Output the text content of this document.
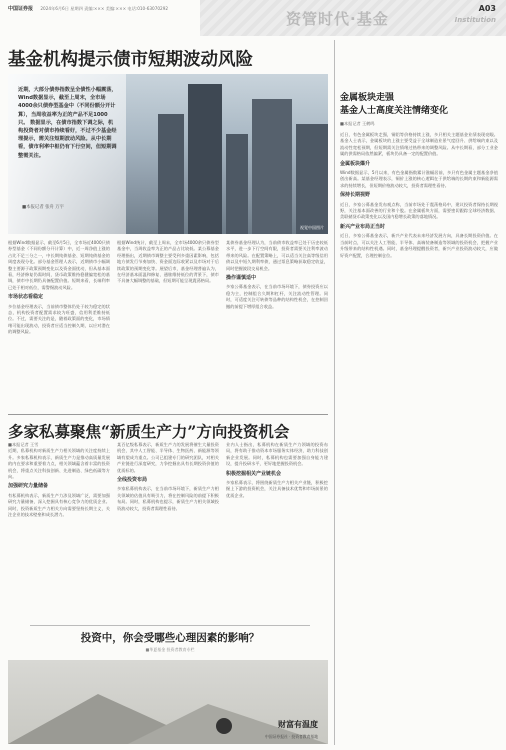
中国证券报 2024年6月6日 星期四 责编:××× 美编:××× 电话:010-63070292
资管时代·基金
A03
Institution
基金机构提示债市短期波动风险
近期，大部分债券指数呈全债性小幅震荡，Wind数据显示，截至上周末，全市场4000余只债券型基金中（不同份额分开计算），当周收益率为正的产品不足1000只。 数据显示，在债市指数下调之际，机构投资者对债市持续看好，不过不少基金经理提示，需关注短期波动风险。从中长期看，债市利率中枢仍有下行空间，但短期调整需关注。
■本报记者 张舟 万宇
视觉中国图片

根据Wind数据显示，截至6月5日，全市场近4000只债券型基金（不同份额分开计算）中，近一周净值上涨的占比不足三分之一，中长期纯债基金、短期纯债基金的周度表现分化。部分基金管理人表示，近期债市小幅调整主要源于政策预期变化以及资金面扰动，但从基本面看，经济修复仍需时间，货币政策维持稳健偏宽松的基调，债市中长期仍具备配置价值。短期来看，长端利率已处于相对低位，需警惕波动风险。

市场状态看稳定

多位基金经理表示，当前债市整体仍处于较为稳定的状态，机构投资者配置需求较为旺盛，信用利差维持低位。不过，需要关注的是，随着政策面的变化，市场情绪可能出现波动，投资者应适当控制久期，以应对潜在的调整风险。

根据Wind统计，截至上周末，全市场4000余只债券型基金中，当周收益率为正的产品占比较低。某公募基金经理指出，近期债市调整主要受到多重因素影响，包括地方债发行节奏加快、资金面边际收紧以及市场对于后续政策的预期变化等。展望后市，基金经理普遍认为，在经济基本面温和修复、通胀维持低位的背景下，债市不具备大幅调整的基础，但短期可能呈现震荡格局。

某债券基金经理认为，当前债市收益率已处于历史较低水平，进一步下行空间有限，投资者需要关注利率波动带来的风险。在配置策略上，可以适当关注高等级信用债以及中短久期利率债，通过票息策略获取稳定收益，同时把握波段交易机会。

操作谨慎适中

多家公募基金表示，在当前市场环境下，债券投资应以稳为主，控制组合久期和杠杆，关注流动性管理。同时，可适度关注可转债等品种的结构性机会，在控制回撤的前提下增厚组合收益。

金属板块走强
基金人士高度关注情绪变化
■本报记者 王鹤鸣

近日，有色金属板块走强，铜铝等价格持续上涨，多只相关主题基金业绩表现亮眼。基金人士表示，金属板块的上涨主要受益于全球制造业景气度回升、供给端约束以及流动性宽松预期，但短期需关注情绪过热带来的调整风险。从中长期看，部分工业金属的供需格局依然偏紧，板块仍具备一定的配置价值。

金属板块爆升

Wind数据显示，5月以来，有色金属指数累计涨幅居前，多只有色金属主题基金净值创出新高。某基金经理表示，铜价上涨的核心逻辑在于供给端的长期约束和新能源需求的持续增长，但短期价格波动较大，投资者需理性看待。

保持长期视野

近日，多家公募基金发布观点称，当前市场处于震荡格局中，建议投资者保持长期视野，关注基本面改善的行业和个股。在金属板块方面，需要密切跟踪全球经济数据、美联储货币政策变化以及国内稳增长政策的落地情况。

新兴产业布局正当时

近日，多家公募基金表示，新兴产业代表未来经济发展方向，具备长期投资价值。在当前时点，可以关注人工智能、半导体、高端装备制造等领域的投资机会，把握产业升级带来的结构性机遇。同时，基金经理提醒投资者，新兴产业投资波动较大，应做好资产配置，合理控制仓位。

多家私募聚焦“新质生产力”方向投资机会

■本报记者 王雪

近期，私募机构对新质生产力相关领域的关注度持续上升。多家私募机构表示，新质生产力是推动高质量发展的内在要求和重要着力点，相关领域蕴含着丰富的投资机会，将重点关注科技创新、先进制造、绿色低碳等方向。

加强研究力量储备

有私募机构表示，新质生产力涉及领域广泛，需要加强研究力量储备，深入挖掘具有核心竞争力的优质企业。同时，投资新质生产力相关方向需要坚持长期主义，关注企业的技术壁垒和成长潜力。

某百亿级私募表示，新质生产力的发展将催生大量投资机会，其中人工智能、半导体、生物医药、新能源等领域有望成为重点。公司已组建专门的研究团队，对相关产业链进行深度研究，力争挖掘出具有长期投资价值的优质标的。

全线投资布局

多家私募机构表示，在当前市场环境下，新质生产力相关领域的估值具有吸引力，将在控制风险的前提下积极布局。同时，私募机构也提示，新质生产力相关领域投资波动较大，投资者需理性看待。

业内人士指出，私募机构在新质生产力领域的投资布局，将有助于推动资本市场服务实体经济，助力科技创新企业发展。同时，私募机构也需要加强自身能力建设，提升投研水平，更好地把握投资机会。

积极挖掘相关产业链机会

多家私募表示，将围绕新质生产力相关产业链，积极挖掘上下游的投资机会，关注具备技术优势和市场前景的优质企业。

投资中，你会受哪些心理因素的影响？
■华夏基金 投资者教育专栏
财富有温度
中国证券报社 · 投资者教育基地
